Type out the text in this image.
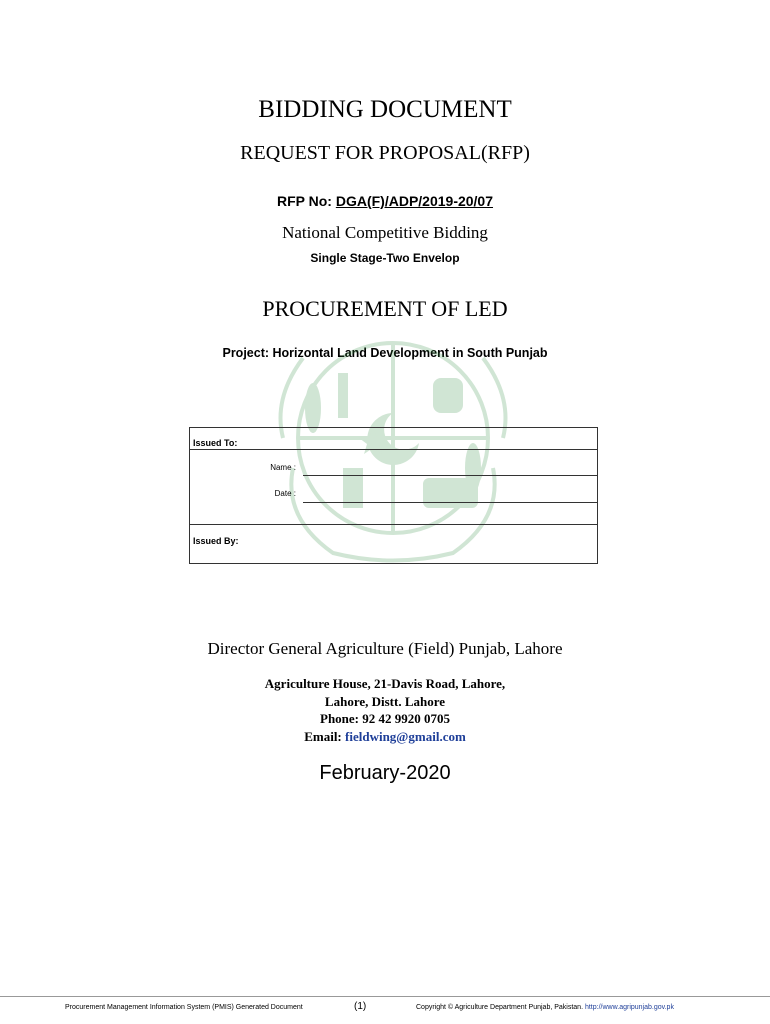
BIDDING DOCUMENT
REQUEST FOR PROPOSAL(RFP)
RFP No: DGA(F)/ADP/2019-20/07
National Competitive Bidding
Single Stage-Two Envelop
PROCUREMENT OF LED
Project: Horizontal Land Development in South Punjab
Issued To:
Name :
Date :
Issued By:
Director General Agriculture (Field) Punjab, Lahore
Agriculture House, 21-Davis Road, Lahore,
Lahore, Distt. Lahore
Phone: 92 42 9920 0705
Email: fieldwing@gmail.com
February-2020
Procurement Management Information System (PMIS) Generated Document	(1)	Copyright © Agriculture Department Punjab, Pakistan. http://www.agripunjab.gov.pk
